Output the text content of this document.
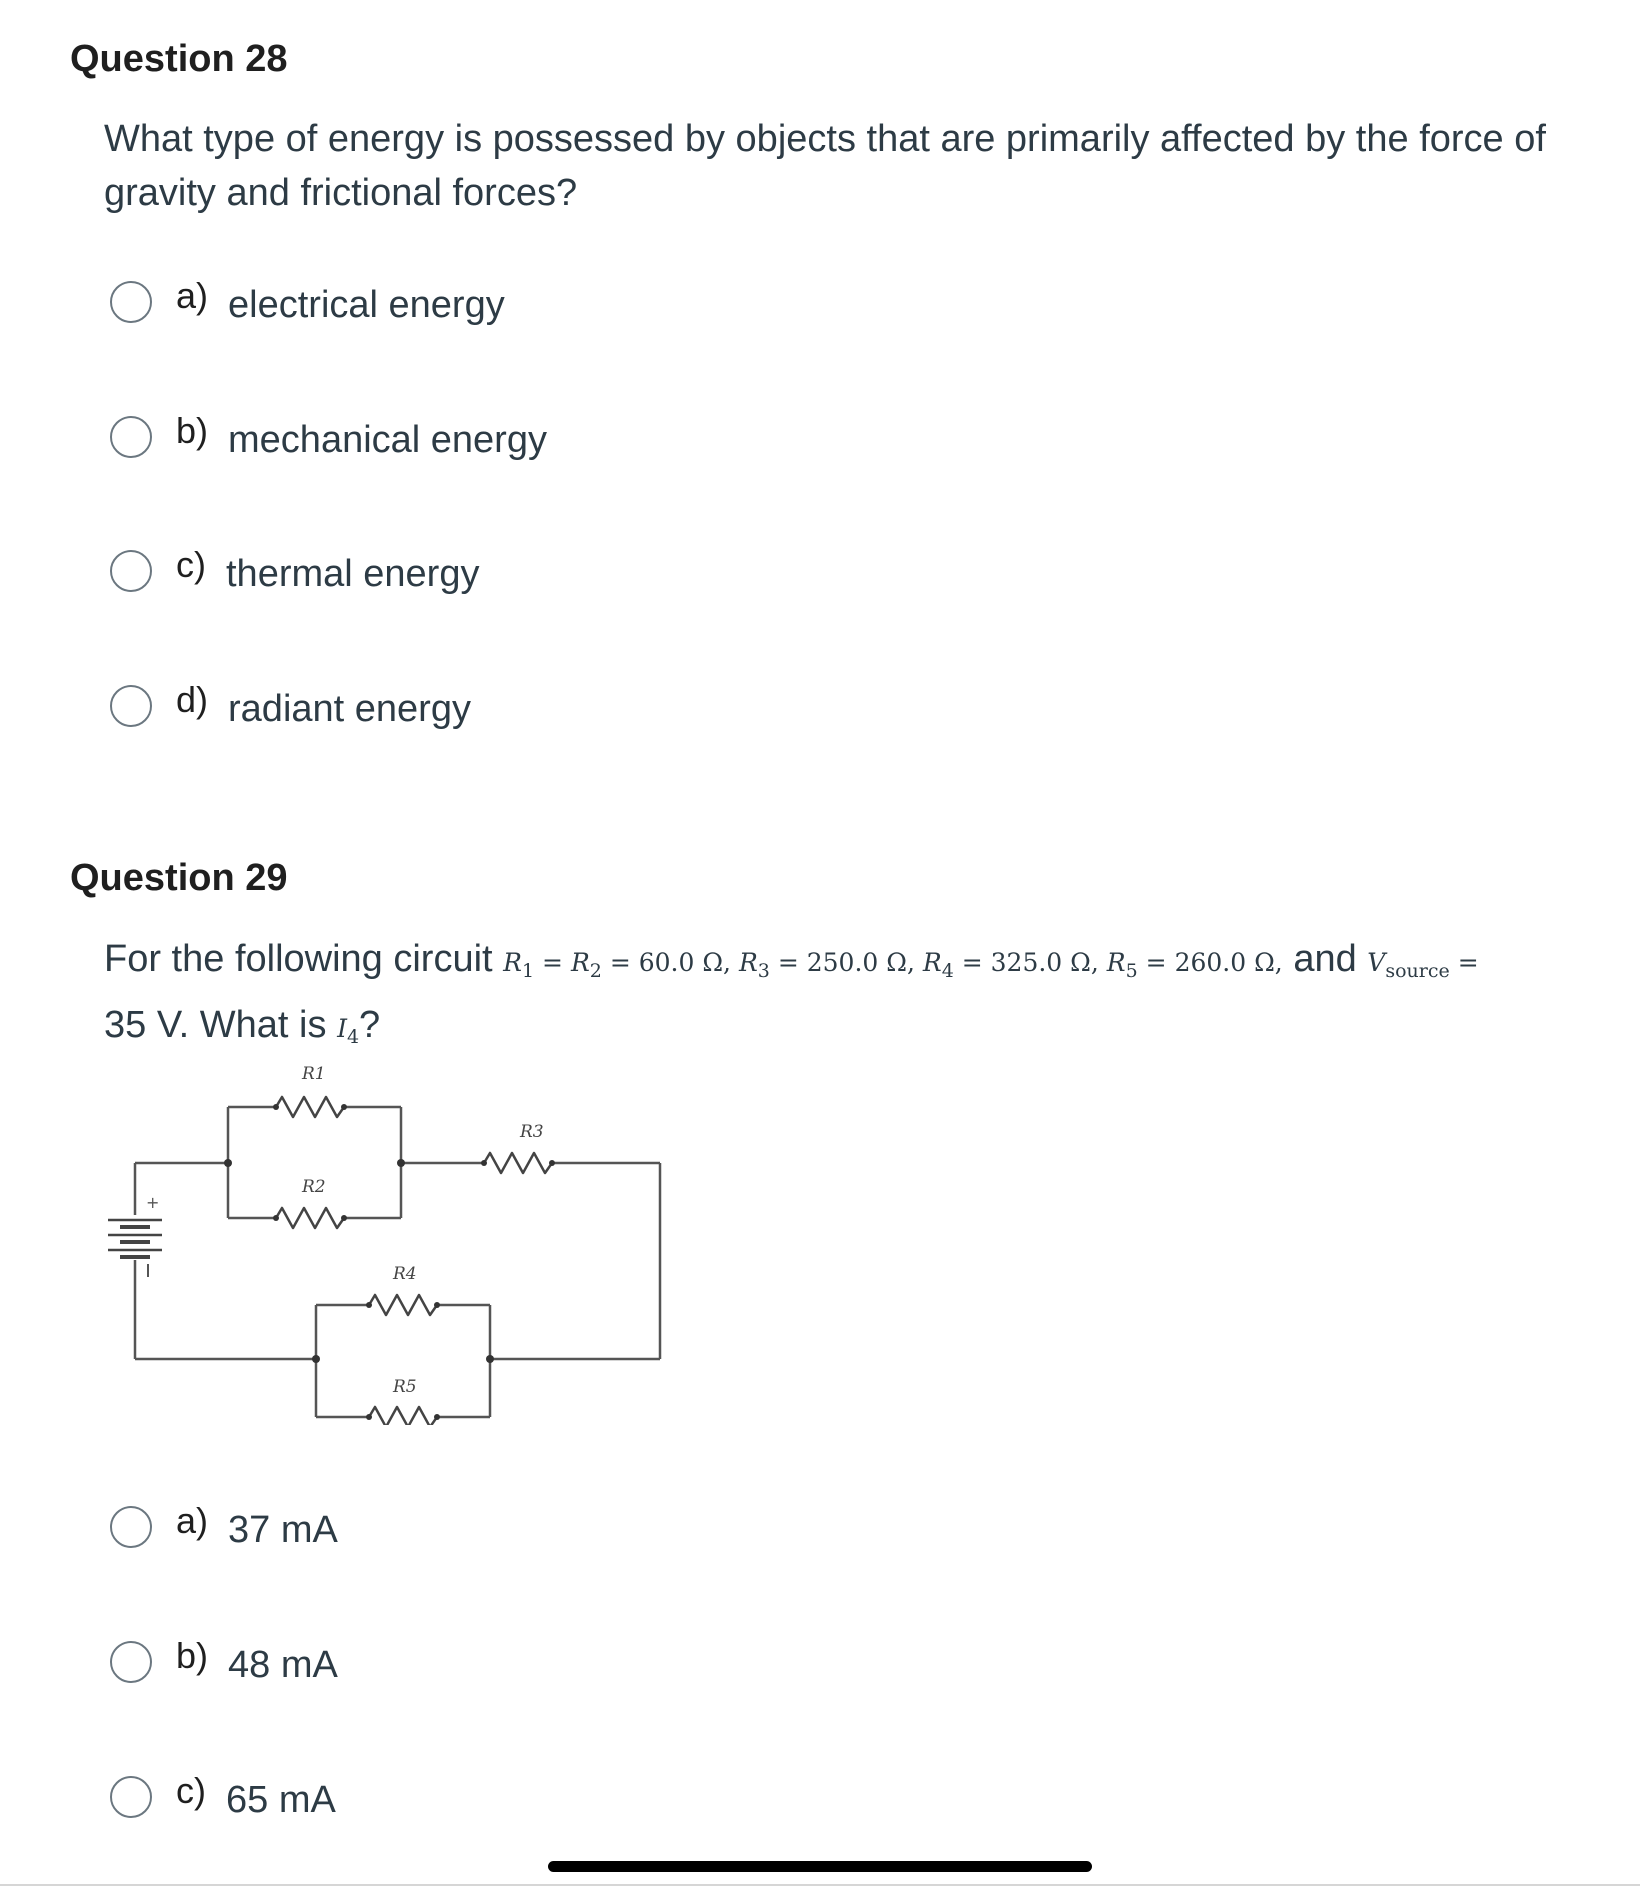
Question 28

What type of energy is possessed by objects that are primarily affected by the force of gravity and frictional forces?

a) electrical energy
b) mechanical energy
c) thermal energy
d) radiant energy
Question 29

For the following circuit $R_1 = R_2 = 60.0$ Ω, $R_3 = 250.0$ Ω, $R_4 = 325.0$ Ω, $R_5 = 260.0$ Ω, and $V_{source}$ =
35 V. What is $I_4$?

+
R1
R2
R3
R4
R5
a) 37 mA
b) 48 mA
c) 65 mA
